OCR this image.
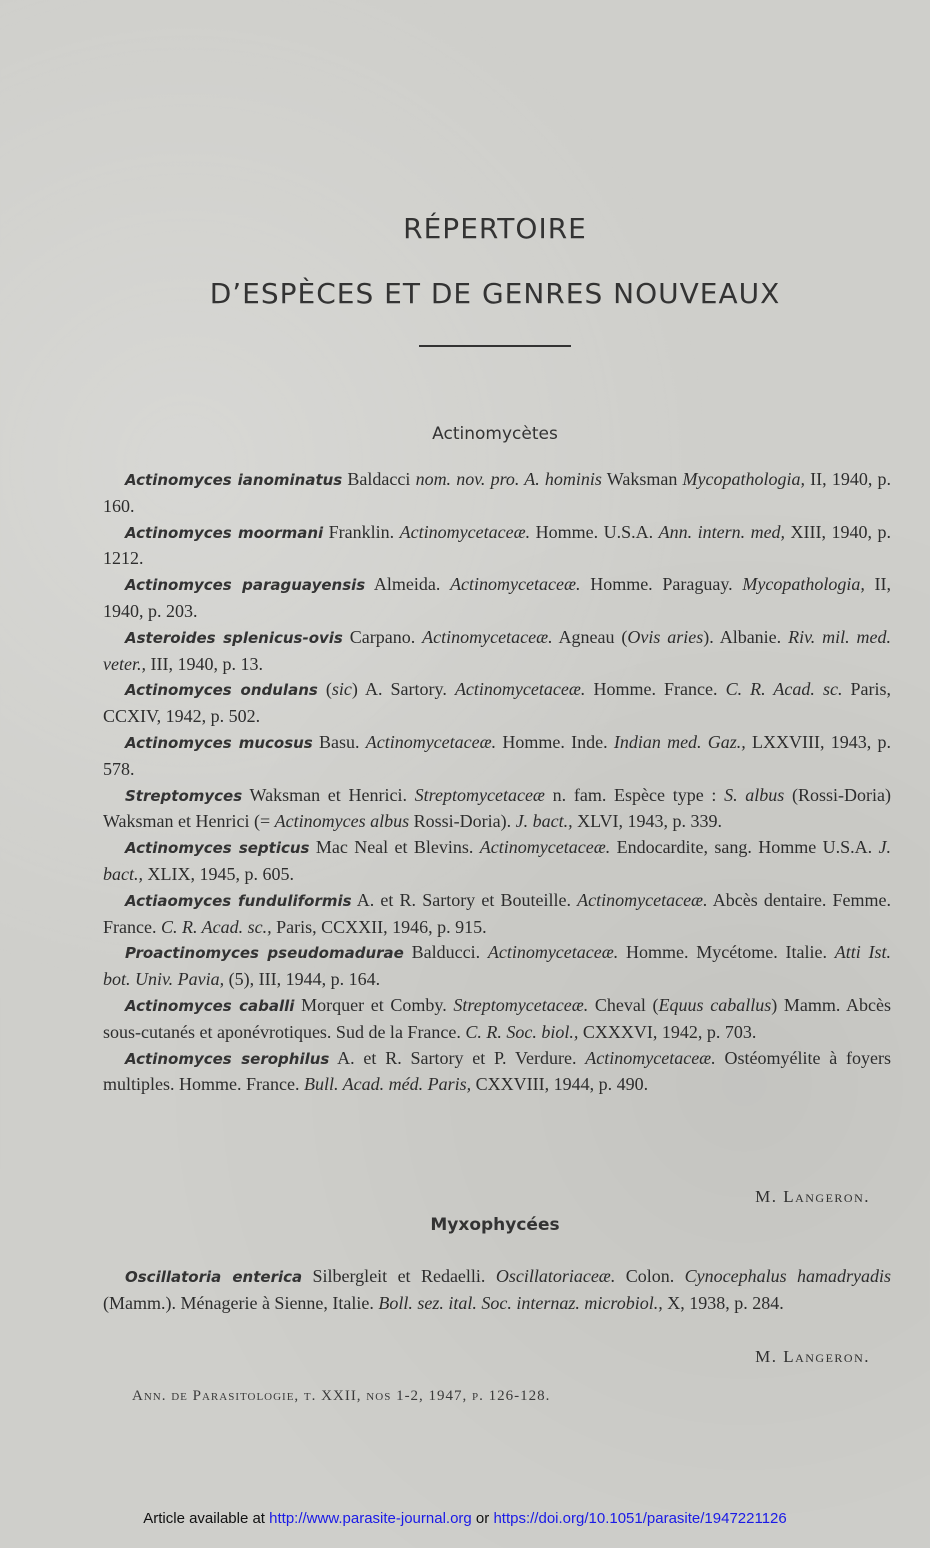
RÉPERTOIRE
D’ESPÈCES ET DE GENRES NOUVEAUX
Actinomycètes

Actinomyces ianominatus Baldacci nom. nov. pro. A. hominis Waksman Mycopathologia, II, 1940, p. 160.

Actinomyces moormani Franklin. Actinomycetaceæ. Homme. U.S.A. Ann. intern. med, XIII, 1940, p. 1212.

Actinomyces paraguayensis Almeida. Actinomycetaceæ. Homme. Paraguay. Mycopathologia, II, 1940, p. 203.

Asteroides splenicus-ovis Carpano. Actinomycetaceæ. Agneau (Ovis aries). Albanie. Riv. mil. med. veter., III, 1940, p. 13.

Actinomyces ondulans (sic) A. Sartory. Actinomycetaceæ. Homme. France. C. R. Acad. sc. Paris, CCXIV, 1942, p. 502.

Actinomyces mucosus Basu. Actinomycetaceæ. Homme. Inde. Indian med. Gaz., LXXVIII, 1943, p. 578.

Streptomyces Waksman et Henrici. Streptomycetaceæ n. fam. Espèce type : S. albus (Rossi-Doria) Waksman et Henrici (= Actinomyces albus Rossi-Doria). J. bact., XLVI, 1943, p. 339.

Actinomyces septicus Mac Neal et Blevins. Actinomycetaceæ. Endocardite, sang. Homme U.S.A. J. bact., XLIX, 1945, p. 605.

Actiaomyces funduliformis A. et R. Sartory et Bouteille. Actinomycetaceæ. Abcès dentaire. Femme. France. C. R. Acad. sc., Paris, CCXXII, 1946, p. 915.

Proactinomyces pseudomadurae Balducci. Actinomycetaceæ. Homme. Mycétome. Italie. Atti Ist. bot. Univ. Pavia, (5), III, 1944, p. 164.

Actinomyces caballi Morquer et Comby. Streptomycetaceæ. Cheval (Equus caballus) Mamm. Abcès sous-cutanés et aponévrotiques. Sud de la France. C. R. Soc. biol., CXXXVI, 1942, p. 703.

Actinomyces serophilus A. et R. Sartory et P. Verdure. Actinomycetaceæ. Ostéomyélite à foyers multiples. Homme. France. Bull. Acad. méd. Paris, CXXVIII, 1944, p. 490.

M. Langeron.
Myxophycées

Oscillatoria enterica Silbergleit et Redaelli. Oscillatoriaceæ. Colon. Cynocephalus hamadryadis (Mamm.). Ménagerie à Sienne, Italie. Boll. sez. ital. Soc. internaz. microbiol., X, 1938, p. 284.

M. Langeron.
Ann. de Parasitologie, t. XXII, nos 1-2, 1947, p. 126-128.
Article available at http://www.parasite-journal.org or https://doi.org/10.1051/parasite/1947221126
